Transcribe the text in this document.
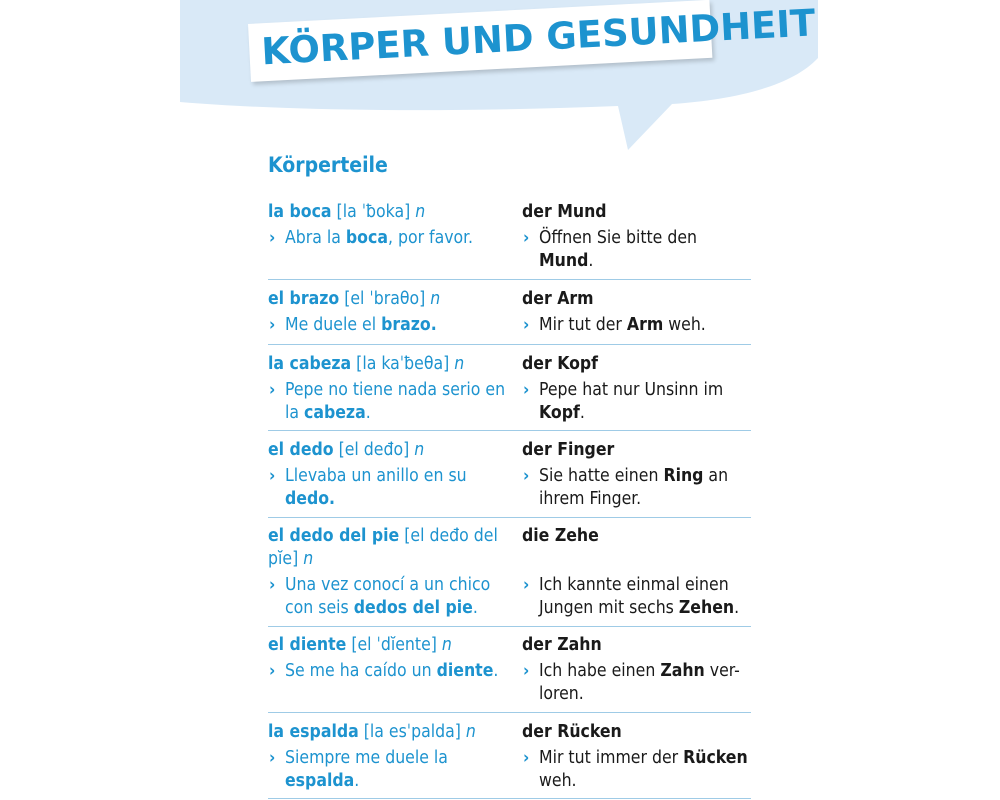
KÖRPER UND GESUNDHEIT
Körperteile
la boca [la ˈƀoka] n
› Abra la boca, por favor.
der Mund
› Öffnen Sie bitte den Mund.
el brazo [el ˈbraθo] n
› Me duele el brazo.
der Arm
› Mir tut der Arm weh.
la cabeza [la kaˈƀeθa] n
› Pepe no tiene nada serio en la cabeza.
der Kopf
› Pepe hat nur Unsinn im Kopf.
el dedo [el deđo] n
› Llevaba un anillo en su dedo.
der Finger
› Sie hatte einen Ring an ihrem Finger.
el dedo del pie [el deđo del pĭe] n
› Una vez conocí a un chico con seis dedos del pie.
die Zehe
› Ich kannte einmal einen Jungen mit sechs Zehen.
el diente [el ˈdĭente] n
› Se me ha caído un diente.
der Zahn
› Ich habe einen Zahn ver-loren.
la espalda [la esˈpalda] n
› Siempre me duele la espalda.
der Rücken
› Mir tut immer der Rücken weh.
